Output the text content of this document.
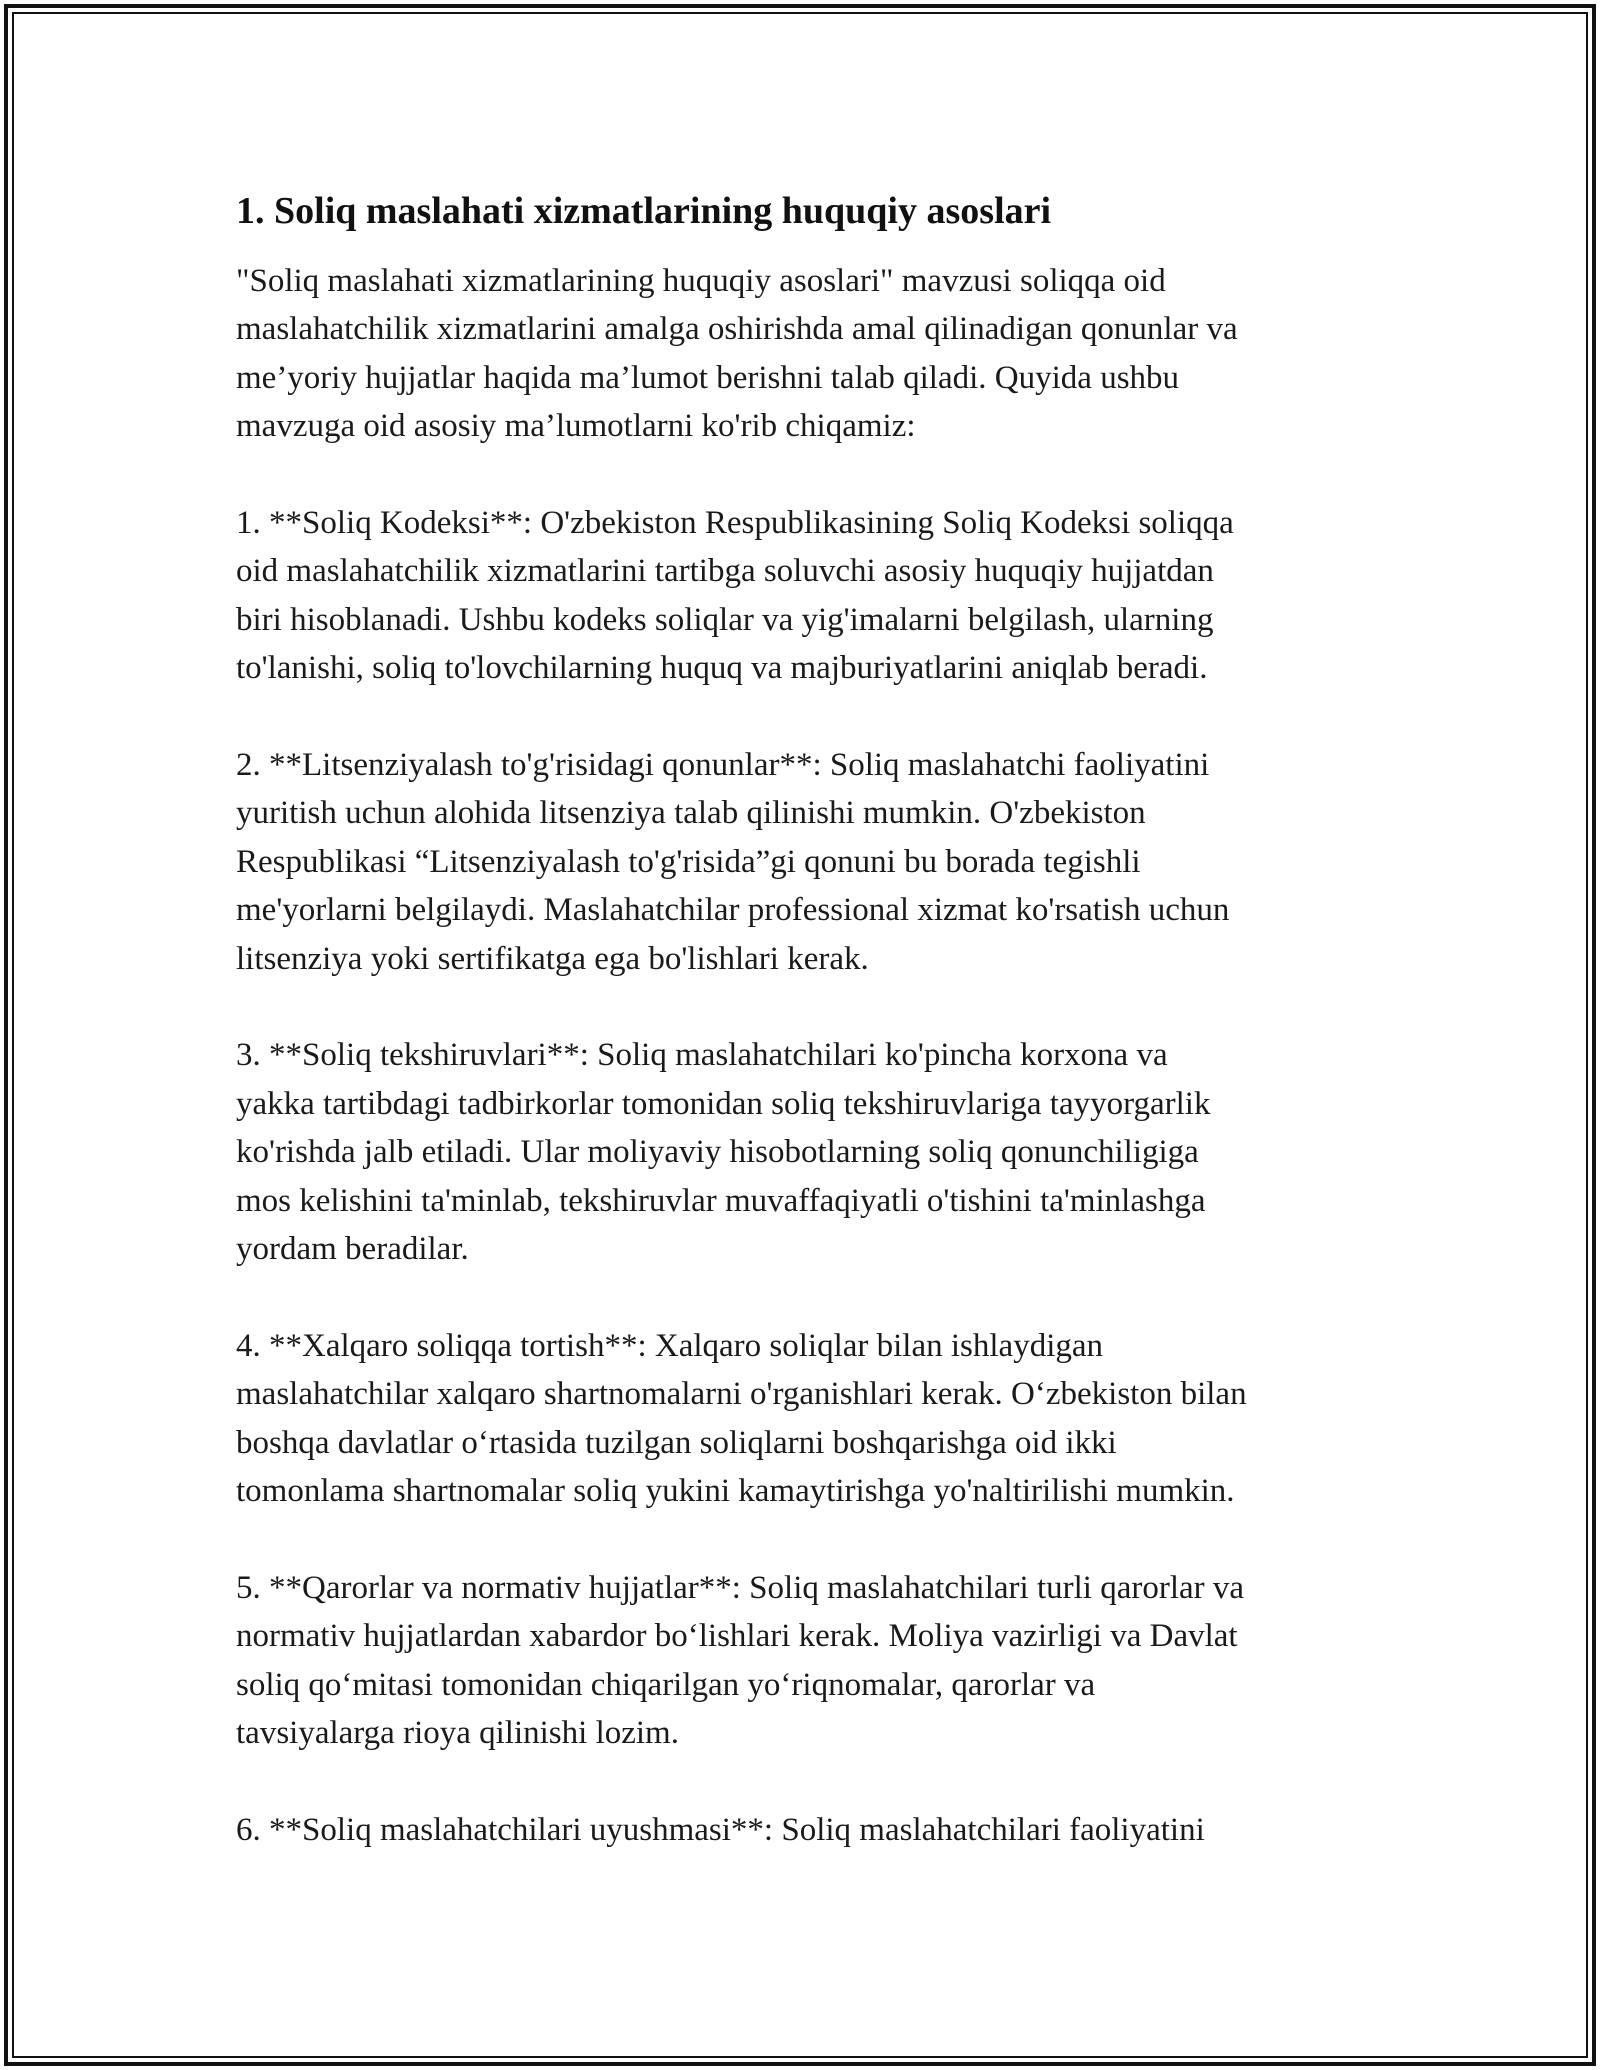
1. Soliq maslahati xizmatlarining huquqiy asoslari
"Soliq maslahati xizmatlarining huquqiy asoslari" mavzusi soliqqa oid
maslahatchilik xizmatlarini amalga oshirishda amal qilinadigan qonunlar va
me’yoriy hujjatlar haqida ma’lumot berishni talab qiladi. Quyida ushbu
mavzuga oid asosiy ma’lumotlarni ko'rib chiqamiz:
1. **Soliq Kodeksi**: O'zbekiston Respublikasining Soliq Kodeksi soliqqa
oid maslahatchilik xizmatlarini tartibga soluvchi asosiy huquqiy hujjatdan
biri hisoblanadi. Ushbu kodeks soliqlar va yig'imalarni belgilash, ularning
to'lanishi, soliq to'lovchilarning huquq va majburiyatlarini aniqlab beradi.
2. **Litsenziyalash to'g'risidagi qonunlar**: Soliq maslahatchi faoliyatini
yuritish uchun alohida litsenziya talab qilinishi mumkin. O'zbekiston
Respublikasi “Litsenziyalash to'g'risida”gi qonuni bu borada tegishli
me'yorlarni belgilaydi. Maslahatchilar professional xizmat ko'rsatish uchun
litsenziya yoki sertifikatga ega bo'lishlari kerak.
3. **Soliq tekshiruvlari**: Soliq maslahatchilari ko'pincha korxona va
yakka tartibdagi tadbirkorlar tomonidan soliq tekshiruvlariga tayyorgarlik
ko'rishda jalb etiladi. Ular moliyaviy hisobotlarning soliq qonunchiligiga
mos kelishini ta'minlab, tekshiruvlar muvaffaqiyatli o'tishini ta'minlashga
yordam beradilar.
4. **Xalqaro soliqqa tortish**: Xalqaro soliqlar bilan ishlaydigan
maslahatchilar xalqaro shartnomalarni o'rganishlari kerak. O‘zbekiston bilan
boshqa davlatlar o‘rtasida tuzilgan soliqlarni boshqarishga oid ikki
tomonlama shartnomalar soliq yukini kamaytirishga yo'naltirilishi mumkin.
5. **Qarorlar va normativ hujjatlar**: Soliq maslahatchilari turli qarorlar va
normativ hujjatlardan xabardor bo‘lishlari kerak. Moliya vazirligi va Davlat
soliq qo‘mitasi tomonidan chiqarilgan yo‘riqnomalar, qarorlar va
tavsiyalarga rioya qilinishi lozim.
6. **Soliq maslahatchilari uyushmasi**: Soliq maslahatchilari faoliyatini
